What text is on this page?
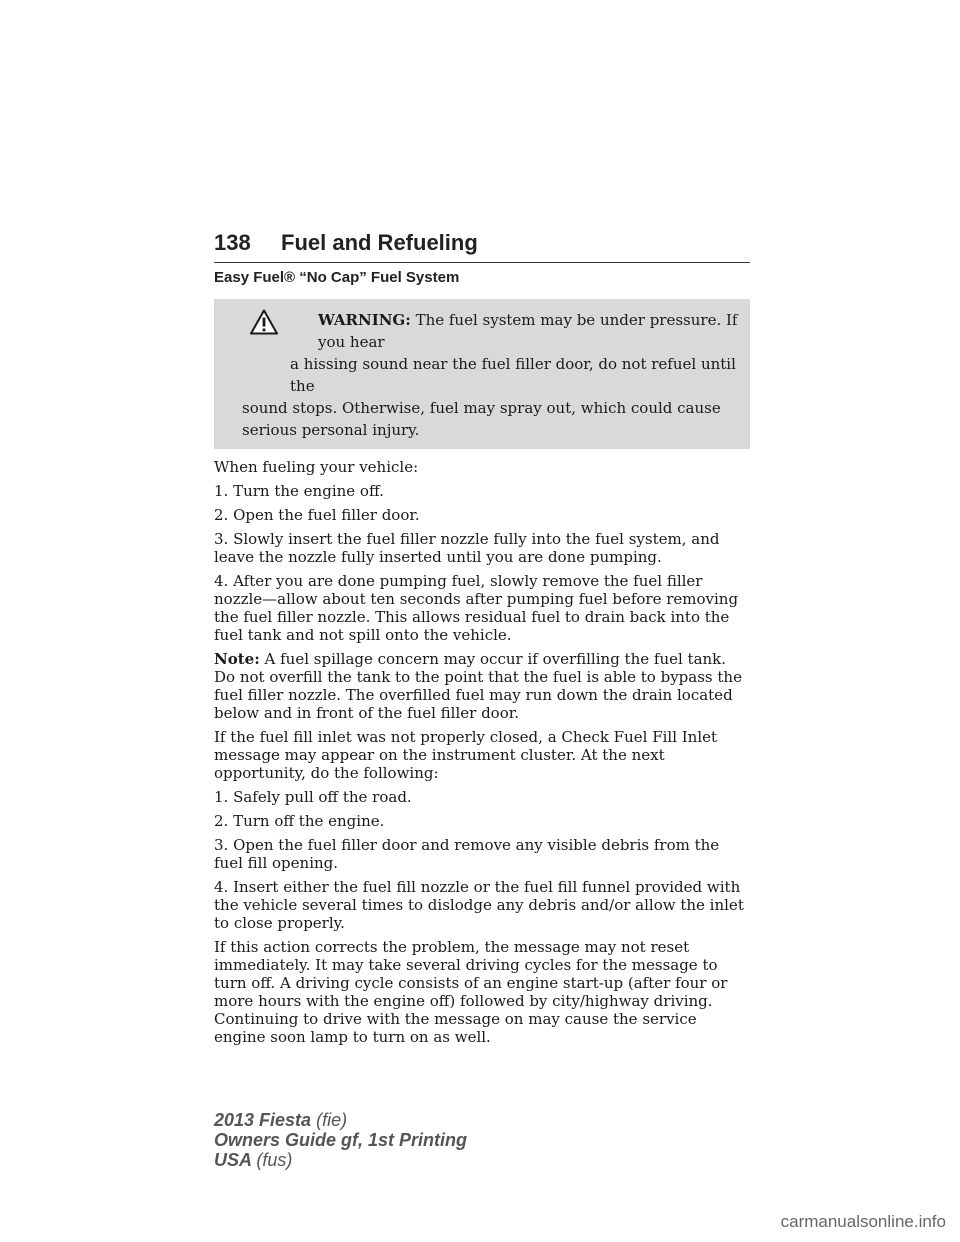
138 Fuel and Refueling
Easy Fuel® “No Cap” Fuel System
WARNING: The fuel system may be under pressure. If you hear
a hissing sound near the fuel filler door, do not refuel until the
sound stops. Otherwise, fuel may spray out, which could cause serious personal injury.

When fueling your vehicle:

1. Turn the engine off.

2. Open the fuel filler door.

3. Slowly insert the fuel filler nozzle fully into the fuel system, and leave the nozzle fully inserted until you are done pumping.

4. After you are done pumping fuel, slowly remove the fuel filler nozzle—allow about ten seconds after pumping fuel before removing the fuel filler nozzle. This allows residual fuel to drain back into the fuel tank and not spill onto the vehicle.

Note: A fuel spillage concern may occur if overfilling the fuel tank. Do not overfill the tank to the point that the fuel is able to bypass the fuel filler nozzle. The overfilled fuel may run down the drain located below and in front of the fuel filler door.

If the fuel fill inlet was not properly closed, a Check Fuel Fill Inlet message may appear on the instrument cluster. At the next opportunity, do the following:

1. Safely pull off the road.

2. Turn off the engine.

3. Open the fuel filler door and remove any visible debris from the fuel fill opening.

4. Insert either the fuel fill nozzle or the fuel fill funnel provided with the vehicle several times to dislodge any debris and/or allow the inlet to close properly.

If this action corrects the problem, the message may not reset immediately. It may take several driving cycles for the message to turn off. A driving cycle consists of an engine start-up (after four or more hours with the engine off) followed by city/highway driving. Continuing to drive with the message on may cause the service engine soon lamp to turn on as well.

2013 Fiesta (fie)
Owners Guide gf, 1st Printing
USA (fus)
carmanualsonline.info
